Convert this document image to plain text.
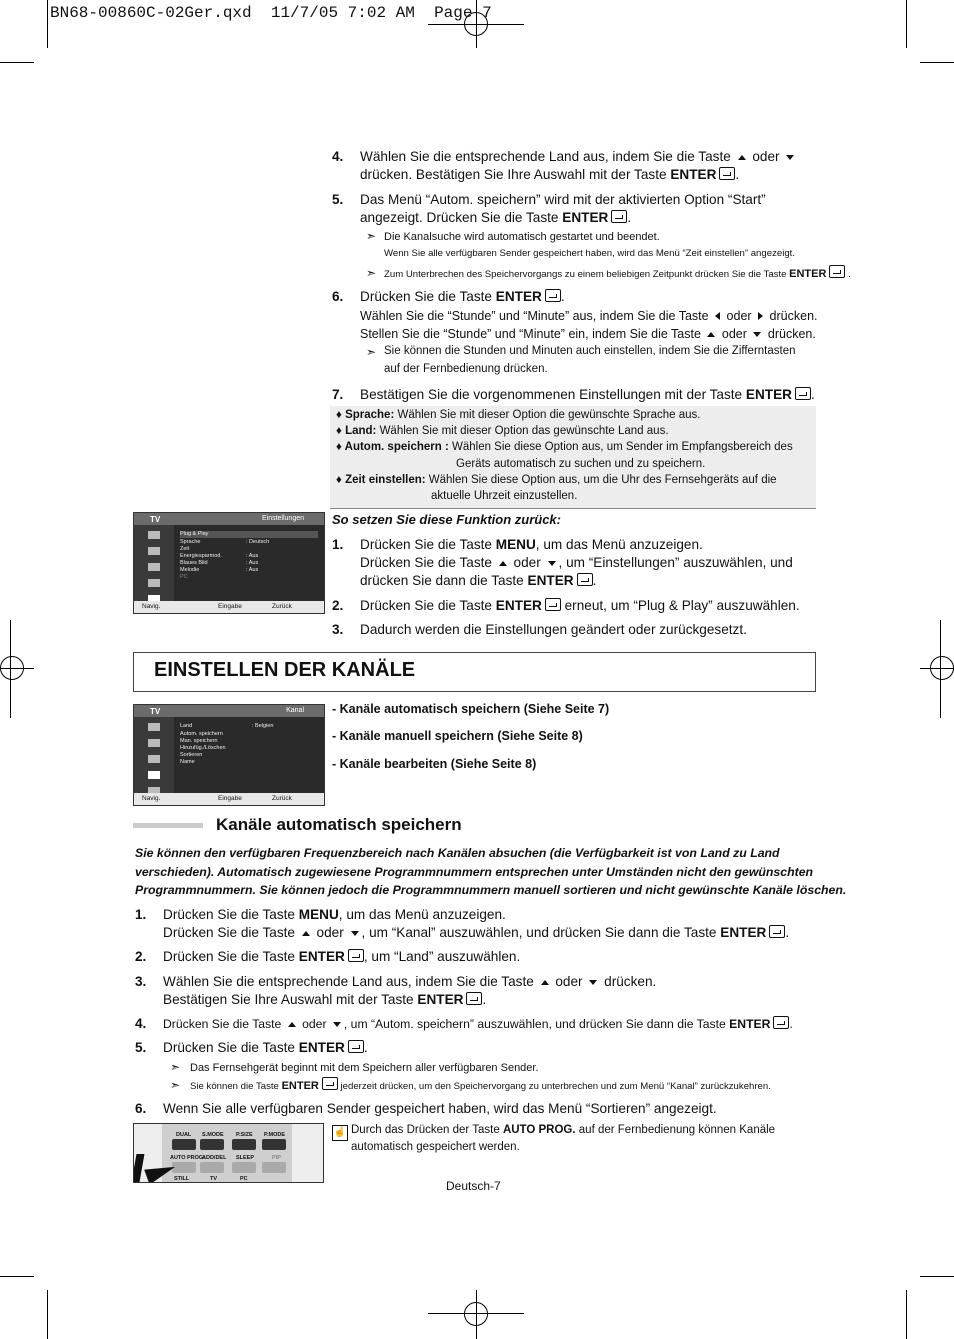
BN68-00860C-02Ger.qxd  11/7/05 7:02 AM  Page 7
4. Wählen Sie die entsprechende Land aus, indem Sie die Taste oder
drücken. Bestätigen Sie Ihre Auswahl mit der Taste ENTER .
5. Das Menü “Autom. speichern” wird mit der aktivierten Option “Start”
angezeigt. Drücken Sie die Taste ENTER .
➣ Die Kanalsuche wird automatisch gestartet und beendet.
Wenn Sie alle verfügbaren Sender gespeichert haben, wird das Menü “Zeit einstellen” angezeigt.
➣ Zum Unterbrechen des Speichervorgangs zu einem beliebigen Zeitpunkt drücken Sie die Taste ENTER .
6. Drücken Sie die Taste ENTER .
Wählen Sie die “Stunde” und “Minute” aus, indem Sie die Taste oder drücken.
Stellen Sie die “Stunde” und “Minute” ein, indem Sie die Taste oder drücken.
➣ Sie können die Stunden und Minuten auch einstellen, indem Sie die Zifferntasten
auf der Fernbedienung drücken.
7. Bestätigen Sie die vorgenommenen Einstellungen mit der Taste ENTER .
♦ Sprache: Wählen Sie mit dieser Option die gewünschte Sprache aus.
♦ Land: Wählen Sie mit dieser Option das gewünschte Land aus.
♦ Autom. speichern : Wählen Sie diese Option aus, um Sender im Empfangsbereich des
Geräts automatisch zu suchen und zu speichern.
♦ Zeit einstellen: Wählen Sie diese Option aus, um die Uhr des Fernsehgeräts auf die
aktuelle Uhrzeit einzustellen.
TV	Einstellungen
Plug & Play
Sprache	: Deutsch
Zeit
Energiesparmod.	: Aus
Blaues Bild	: Aus
Melodie	: Aus
PC
Navig.	Eingabe	Zurück
So setzen Sie diese Funktion zurück:
1. Drücken Sie die Taste MENU, um das Menü anzuzeigen.
Drücken Sie die Taste oder , um “Einstellungen” auszuwählen, und
drücken Sie dann die Taste ENTER .
2. Drücken Sie die Taste ENTER erneut, um “Plug & Play” auszuwählen.
3. Dadurch werden die Einstellungen geändert oder zurückgesetzt.
EINSTELLEN DER KANÄLE
TV	Kanal
Land	: Belgien
Autom. speichern
Man. speichern
Hinzufüg./Löschen
Sortieren
Name
Navig.	Eingabe	Zurück
- Kanäle automatisch speichern (Siehe Seite 7)
- Kanäle manuell speichern (Siehe Seite 8)
- Kanäle bearbeiten (Siehe Seite 8)
Kanäle automatisch speichern
Sie können den verfügbaren Frequenzbereich nach Kanälen absuchen (die Verfügbarkeit ist von Land zu Land
verschieden). Automatisch zugewiesene Programmnummern entsprechen unter Umständen nicht den gewünschten
Programmnummern. Sie können jedoch die Programmnummern manuell sortieren und nicht gewünschte Kanäle löschen.
1. Drücken Sie die Taste MENU, um das Menü anzuzeigen.
Drücken Sie die Taste oder , um “Kanal” auszuwählen, und drücken Sie dann die Taste ENTER .
2. Drücken Sie die Taste ENTER , um “Land” auszuwählen.
3. Wählen Sie die entsprechende Land aus, indem Sie die Taste oder drücken.
Bestätigen Sie Ihre Auswahl mit der Taste ENTER .
4. Drücken Sie die Taste oder , um “Autom. speichern” auszuwählen, und drücken Sie dann die Taste ENTER .
5. Drücken Sie die Taste ENTER .
➣ Das Fernsehgerät beginnt mit dem Speichern aller verfügbaren Sender.
➣ Sie können die Taste ENTER jederzeit drücken, um den Speichervorgang zu unterbrechen und zum Menü “Kanal” zurückzukehren.
6. Wenn Sie alle verfügbaren Sender gespeichert haben, wird das Menü “Sortieren” angezeigt.
DUAL S.MODE P.SIZE P.MODE
AUTO PROG.
ADD/DEL SLEEP	PIP
STILL	TV	PC
☝ Durch das Drücken der Taste AUTO PROG. auf der Fernbedienung können Kanäle
automatisch gespeichert werden.
Deutsch-7
